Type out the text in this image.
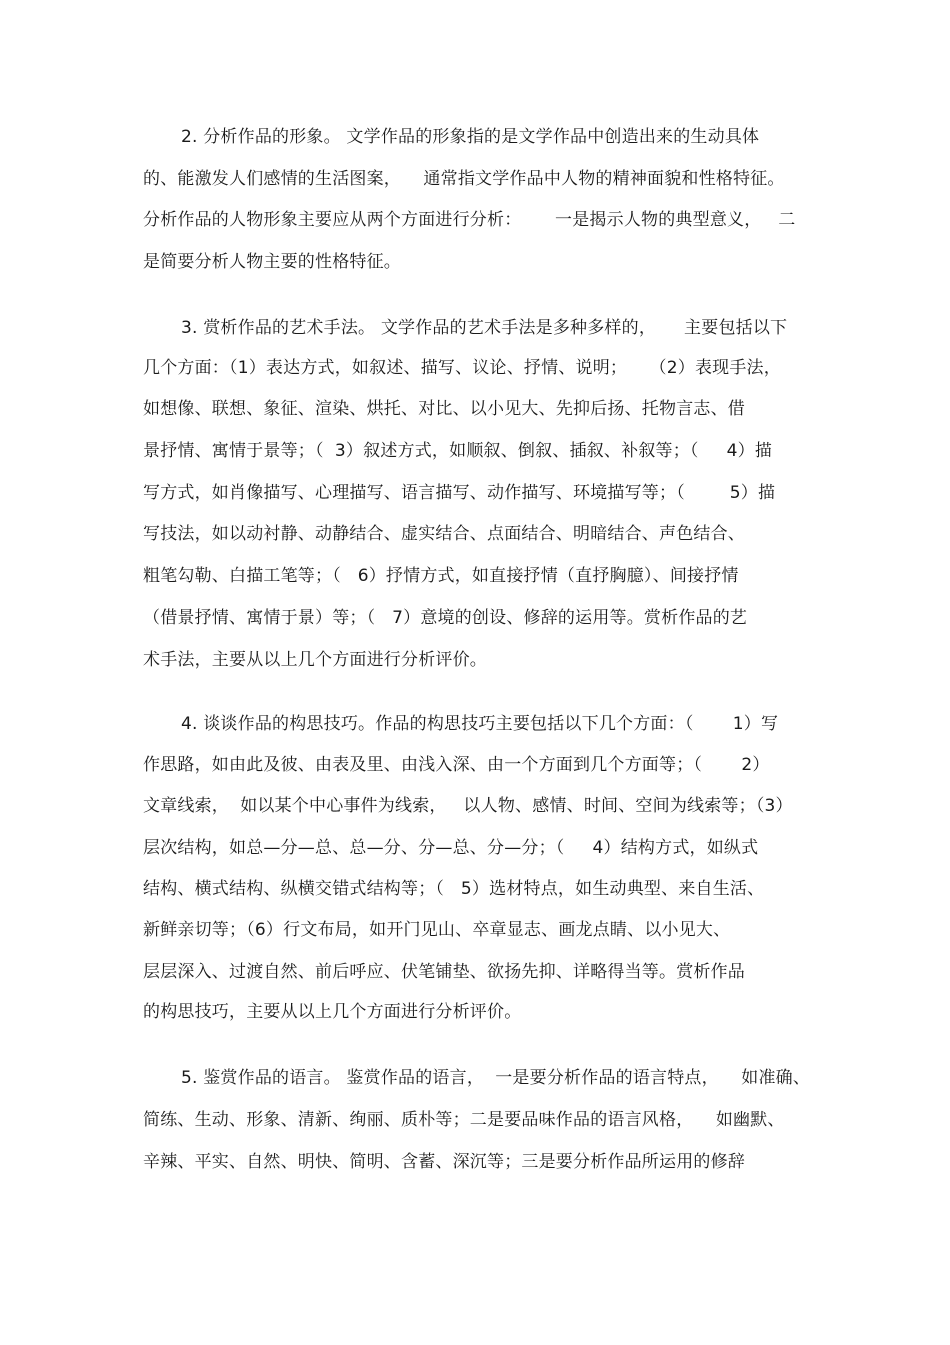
2. 分析作品的形象。 文学作品的形象指的是文学作品中创造出来的生动具体
的、能激发人们感情的生活图案，    通常指文学作品中人物的精神面貌和性格特征。
分析作品的人物形象主要应从两个方面进行分析：      一是揭示人物的典型意义，   二
是简要分析人物主要的性格特征。
3. 赏析作品的艺术手法。 文学作品的艺术手法是多种多样的，     主要包括以下
几个方面：（1）表达方式，如叙述、描写、议论、抒情、说明；    （2）表现手法，
如想像、联想、象征、渲染、烘托、对比、以小见大、先抑后扬、托物言志、借
景抒情、寓情于景等；（  3）叙述方式，如顺叙、倒叙、插叙、补叙等；（     4）描
写方式，如肖像描写、心理描写、语言描写、动作描写、环境描写等；（        5）描
写技法，如以动衬静、动静结合、虚实结合、点面结合、明暗结合、声色结合、
粗笔勾勒、白描工笔等；（   6）抒情方式，如直接抒情（直抒胸臆）、间接抒情
（借景抒情、寓情于景）等；（   7）意境的创设、修辞的运用等。赏析作品的艺
术手法，主要从以上几个方面进行分析评价。
4. 谈谈作品的构思技巧。作品的构思技巧主要包括以下几个方面：（       1）写
作思路，如由此及彼、由表及里、由浅入深、由一个方面到几个方面等；（       2）
文章线索，  如以某个中心事件为线索，   以人物、感情、时间、空间为线索等；（3）
层次结构，如总—分—总、总—分、分—总、分—分；（     4）结构方式，如纵式
结构、横式结构、纵横交错式结构等；（   5）选材特点，如生动典型、来自生活、
新鲜亲切等；（6）行文布局，如开门见山、卒章显志、画龙点睛、以小见大、
层层深入、过渡自然、前后呼应、伏笔铺垫、欲扬先抑、详略得当等。赏析作品
的构思技巧，主要从以上几个方面进行分析评价。
5. 鉴赏作品的语言。 鉴赏作品的语言，  一是要分析作品的语言特点，    如准确、
简练、生动、形象、清新、绚丽、质朴等；二是要品味作品的语言风格，    如幽默、
辛辣、平实、自然、明快、简明、含蓄、深沉等；三是要分析作品所运用的修辞
